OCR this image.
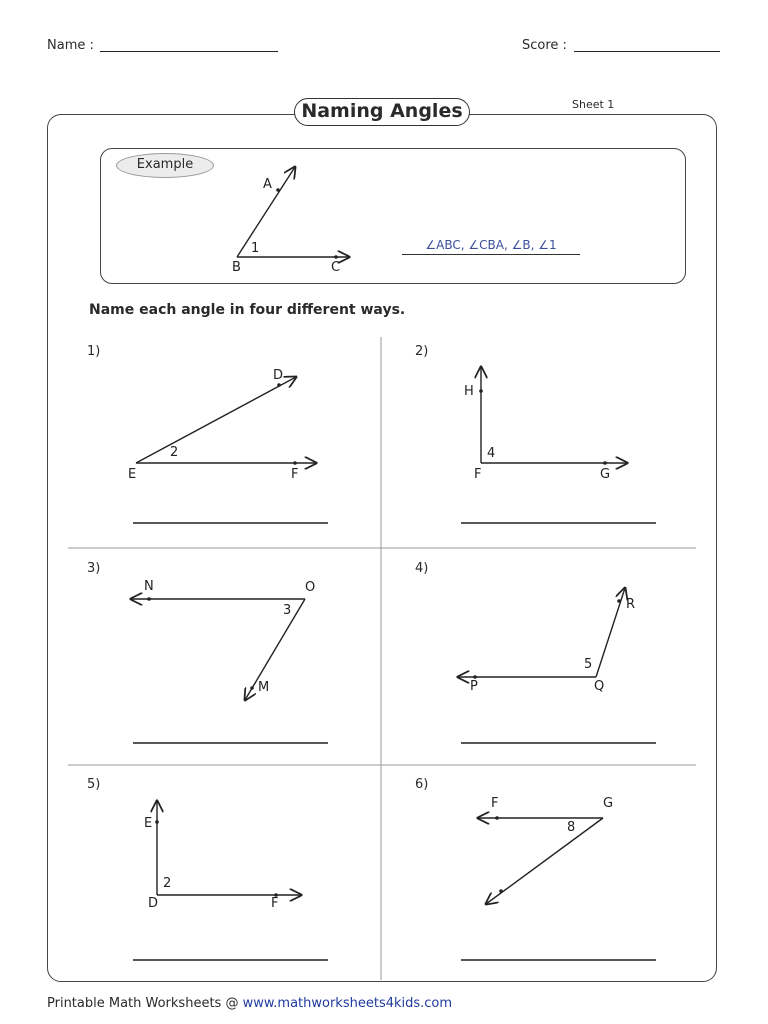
Name :	Score :
Naming Angles	Sheet 1
Example
A
B	C
1
D
E	F
2
H
F	G
4
N	O
M
3	R
P	Q
5
E
D	F
2
F	G
8
∠ABC, ∠CBA, ∠B, ∠1
Name each angle in four different ways.
1)	2)
3)	4)
5)	6)
Printable Math Worksheets @ www.mathworksheets4kids.com
